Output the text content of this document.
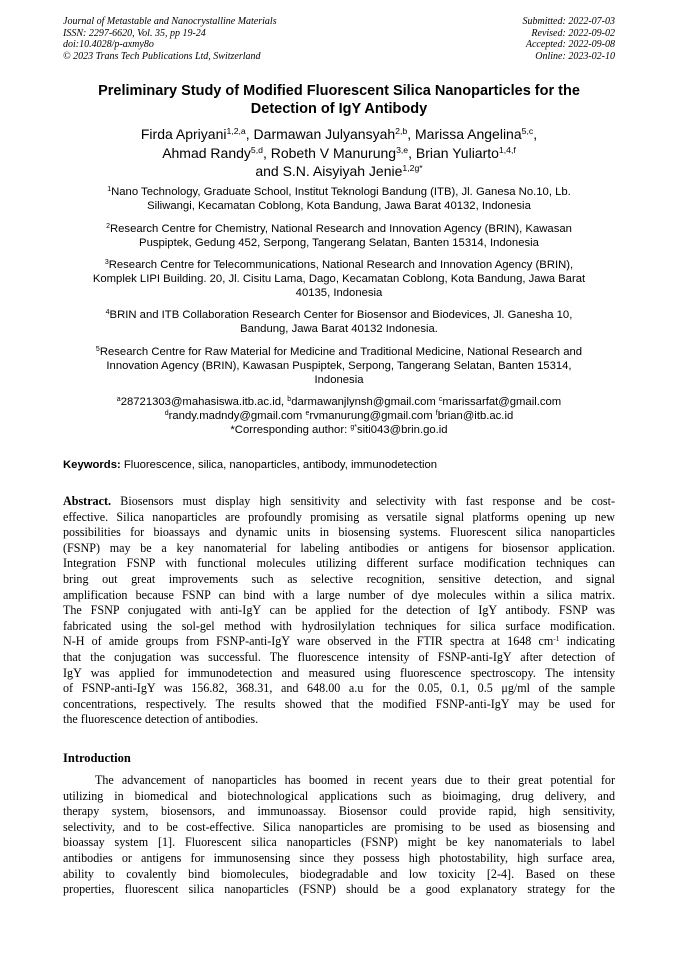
Journal of Metastable and Nanocrystalline Materials
ISSN: 2297-6620, Vol. 35, pp 19-24
doi:10.4028/p-axmy8o
© 2023 Trans Tech Publications Ltd, Switzerland
Submitted: 2022-07-03
Revised: 2022-09-02
Accepted: 2022-09-08
Online: 2023-02-10
Preliminary Study of Modified Fluorescent Silica Nanoparticles for the
Detection of IgY Antibody
Firda Apriyani$^{1,2,a}$, Darmawan Julyansyah$^{2,b}$, Marissa Angelina$^{5,c}$,
Ahmad Randy$^{5,d}$, Robeth V Manurung$^{3,e}$, Brian Yuliarto$^{1,4,f}$
and S.N. Aisyiyah Jenie$^{1,2g*}$
$^1$Nano Technology, Graduate School, Institut Teknologi Bandung (ITB), Jl. Ganesa No.10, Lb.
Siliwangi, Kecamatan Coblong, Kota Bandung, Jawa Barat 40132, Indonesia
$^2$Research Centre for Chemistry, National Research and Innovation Agency (BRIN), Kawasan
Puspiptek, Gedung 452, Serpong, Tangerang Selatan, Banten 15314, Indonesia
$^3$Research Centre for Telecommunications, National Research and Innovation Agency (BRIN),
Komplek LIPI Building. 20, Jl. Cisitu Lama, Dago, Kecamatan Coblong, Kota Bandung, Jawa Barat
40135, Indonesia
$^4$BRIN and ITB Collaboration Research Center for Biosensor and Biodevices, Jl. Ganesha 10,
Bandung, Jawa Barat 40132 Indonesia.
$^5$Research Centre for Raw Material for Medicine and Traditional Medicine, National Research and
Innovation Agency (BRIN), Kawasan Puspiptek, Serpong, Tangerang Selatan, Banten 15314,
Indonesia
$^a$28721303@mahasiswa.itb.ac.id, $^b$darmawanjlynsh@gmail.com $^c$marissarfat@gmail.com
$^d$randy.madndy@gmail.com $^e$rvmanurung@gmail.com $^f$brian@itb.ac.id
*Corresponding author: $^{g*}$siti043@brin.go.id
Keywords: Fluorescence, silica, nanoparticles, antibody, immunodetection
Abstract. Biosensors must display high sensitivity and selectivity with fast response and be cost-
effective. Silica nanoparticles are profoundly promising as versatile signal platforms opening up new
possibilities for bioassays and dynamic units in biosensing systems. Fluorescent silica nanoparticles
(FSNP) may be a key nanomaterial for labeling antibodies or antigens for biosensor application.
Integration FSNP with functional molecules utilizing different surface modification techniques can
bring out great improvements such as selective recognition, sensitive detection, and signal
amplification because FSNP can bind with a large number of dye molecules within a silica matrix.
The FSNP conjugated with anti-IgY can be applied for the detection of IgY antibody. FSNP was
fabricated using the sol-gel method with hydrosilylation techniques for silica surface modification.
N-H of amide groups from FSNP-anti-IgY ware observed in the FTIR spectra at 1648 $cm^{-1}$ indicating
that the conjugation was successful. The fluorescence intensity of FSNP-anti-IgY after detection of
IgY was applied for immunodetection and measured using fluorescence spectroscopy. The intensity
of FSNP-anti-IgY was 156.82, 368.31, and 648.00 a.u for the 0.05, 0.1, 0.5 μg/ml of the sample
concentrations, respectively. The results showed that the modified FSNP-anti-IgY may be used for
the fluorescence detection of antibodies.
Introduction
The advancement of nanoparticles has boomed in recent years due to their great potential for
utilizing in biomedical and biotechnological applications such as bioimaging, drug delivery, and
therapy system, biosensors, and immunoassay. Biosensor could provide rapid, high sensitivity,
selectivity, and to be cost-effective. Silica nanoparticles are promising to be used as biosensing and
bioassay system [1]. Fluorescent silica nanoparticles (FSNP) might be key nanomaterials to label
antibodies or antigens for immunosensing since they possess high photostability, high surface area,
ability to covalently bind biomolecules, biodegradable and low toxicity [2-4]. Based on these
properties, fluorescent silica nanoparticles (FSNP) should be a good explanatory strategy for the
